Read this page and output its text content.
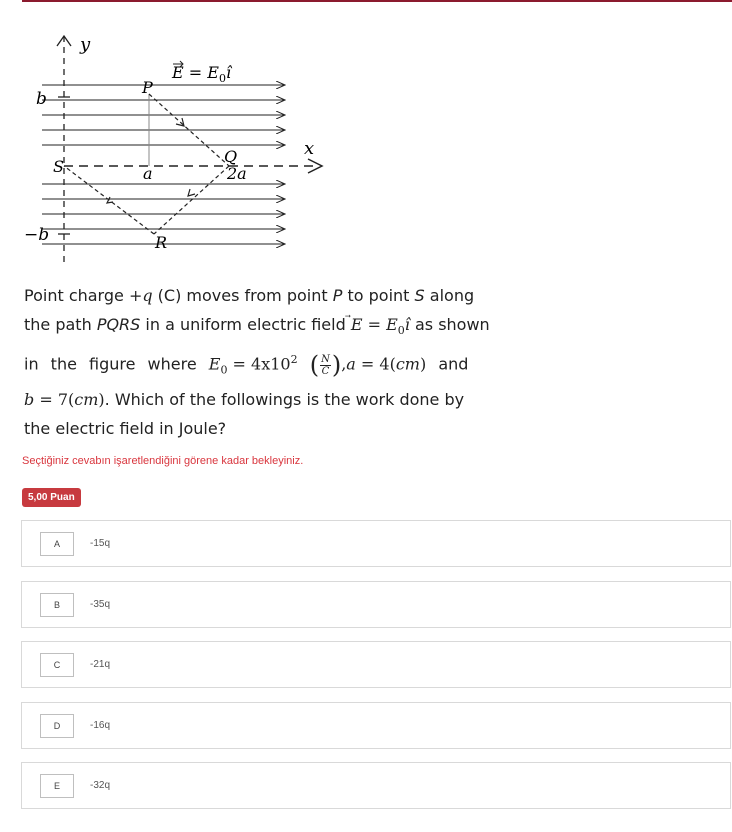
y
x
b
−b
S
P
Q
R
a	2a
$E = E_0î$

Point charge +q (C) moves from point P to point S along

the path PQRS in a uniform electric field
$E = E_0î$ as shown

in the figure where $E_0 = 4x10^2$ ( N
C ) ,a = 4(cm) and

b = 7(cm). Which of the followings is the work done by

the electric field in Joule?

Seçtiğiniz cevabın işaretlendiğini görene kadar bekleyiniz.
5,00 Puan
A	-15q
B	-35q
C	-21q
D	-16q
E	-32q
